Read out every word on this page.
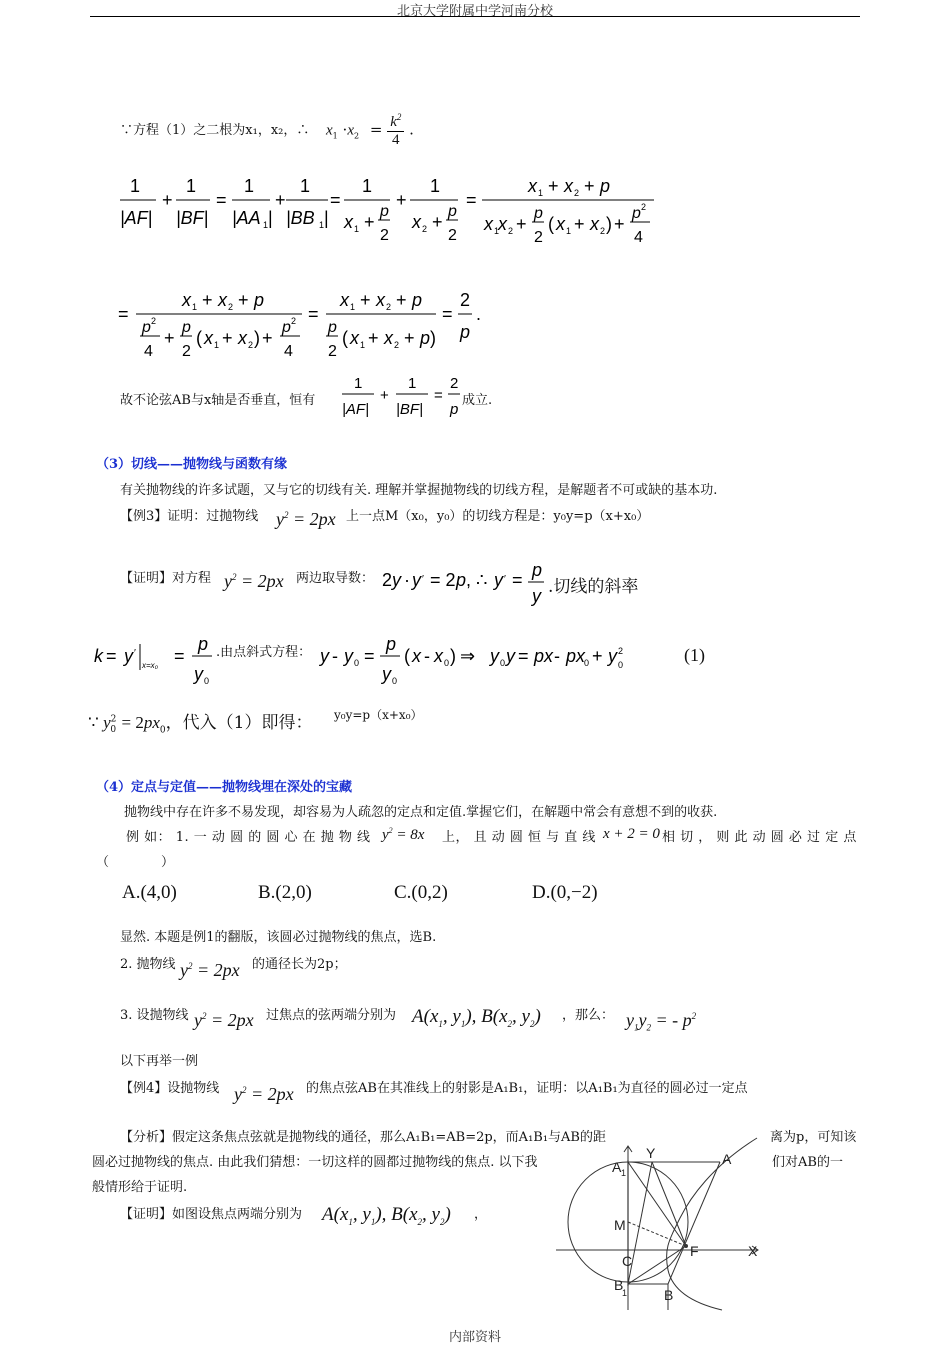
北京大学附属中学河南分校
∵方程（1）之二根为x₁，x₂，∴ $x_1 \cdot x_2 = \frac{k^2}{4}$ .
1
|AF|
+
1
|BF|
=
1
|AA 1 |
+
1
|BB 1 |
=
1
x 1 +
p
2
+
1
x 2 +
p
2
=
x 1 + x 2 + p
x 1
x 2 +
p
2
( x 1 + x 2 ) +
p 2
4
=
x 1 + x 2 + p
p 2
4
+
p
2
( x 1 + x 2 ) +
p 2
4
=
x 1 + x 2 + p
p
2
( x 1 + x 2 + p )
=
2
p
.
故不论弦AB与x轴是否垂直，恒有
1
|AF|
+
1
|BF|
=
2
p
成立.
（3）切线——抛物线与函数有缘
有关抛物线的许多试题，又与它的切线有关. 理解并掌握抛物线的切线方程，是解题者不可或缺的基本功.
【例3】证明：过抛物线 $y^2 = 2px$ 上一点M（x₀，y₀）的切线方程是：y₀y=p（x+x₀）
【证明】对方程 $y^2 = 2px$ 两边取导数： 2 y · y ′ = 2 p , ∴ y ′ = p
y .切线的斜率
k = y ′
x=x₀ =
p
y 0
.由点斜式方程： y - y 0 =
p
y 0
( x - x 0 ) ⇒ y 0 y = px - px
0 + y 2
0	(1)
∵ $y^2_0 = 2px_0$，代入（1）即得： y₀y=p（x+x₀）
（4）定点与定值——抛物线埋在深处的宝藏
抛物线中存在许多不易发现，却容易为人疏忽的定点和定值.掌握它们，在解题中常会有意想不到的收获.
例 如： 1. 一 动 圆 的 圆 心 在 抛 物 线 $y^2 = 8x$ 上， 且 动 圆 恒 与 直 线 x + 2 = 0 相 切 ， 则 此 动 圆 必 过 定 点
（　　　　）
A.(4,0)	B.(2,0)	C.(0,2)	D.(0,−2)
显然. 本题是例1的翻版，该圆必过抛物线的焦点，选B.
2. 抛物线 $y^2 = 2px$ 的通径长为2p；
3. 设抛物线 $y^2 = 2px$ 过焦点的弦两端分别为 $A(x_1$, $y_1$), $B(x_2$, $y_2$) ，那么： $y_1y_2$ = - $p^2$
以下再举一例
【例4】设抛物线 $y^2 = 2px$ 的焦点弦AB在其准线上的射影是A₁B₁，证明：以A₁B₁为直径的圆必过一定点
【分析】假定这条焦点弦就是抛物线的通径，那么A₁B₁=AB=2p，而A₁B₁与AB的距	离为p，可知该
圆必过抛物线的焦点. 由此我们猜想：一切这样的圆都过抛物线的焦点. 以下我	们对AB的一
般情形给于证明.
【证明】如图设焦点两端分别为 $A(x_1$, $y_1$), $B(x_2$, $y_2$) ，
A 1
Y	A
M
C
F	X
B
1	B
内部资料
